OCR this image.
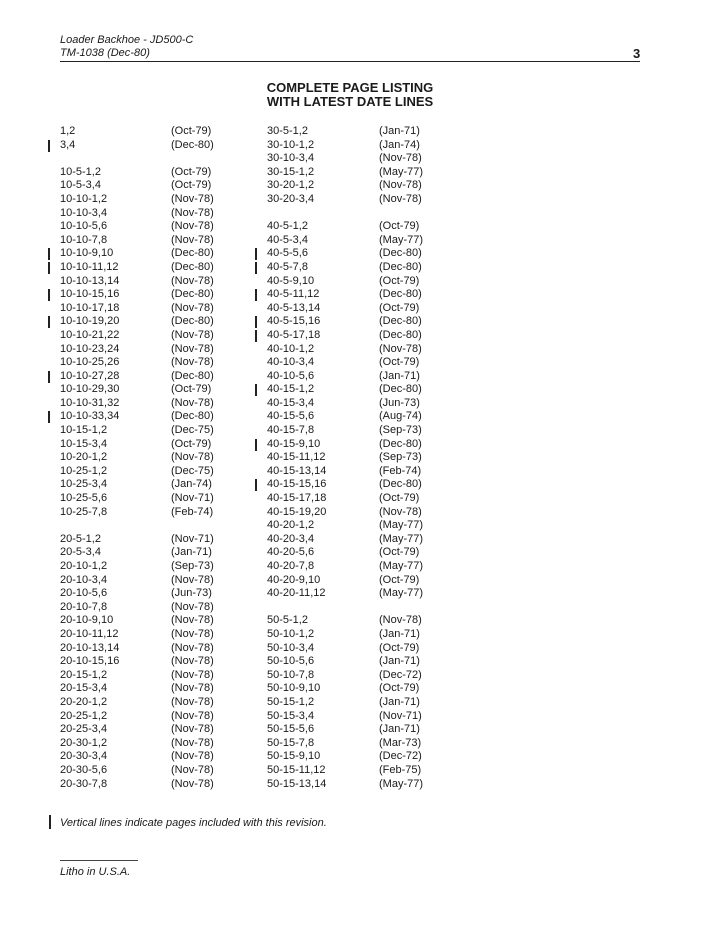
Loader Backhoe - JD500-C
TM-1038 (Dec-80)	3
COMPLETE PAGE LISTING
WITH LATEST DATE LINES
1,2
3,4
10-5-1,2
10-5-3,4
10-10-1,2
10-10-3,4
10-10-5,6
10-10-7,8
10-10-9,10
10-10-11,12
10-10-13,14
10-10-15,16
10-10-17,18
10-10-19,20
10-10-21,22
10-10-23,24
10-10-25,26
10-10-27,28
10-10-29,30
10-10-31,32
10-10-33,34
10-15-1,2
10-15-3,4
10-20-1,2
10-25-1,2
10-25-3,4
10-25-5,6
10-25-7,8
20-5-1,2
20-5-3,4
20-10-1,2
20-10-3,4
20-10-5,6
20-10-7,8
20-10-9,10
20-10-11,12
20-10-13,14
20-10-15,16
20-15-1,2
20-15-3,4
20-20-1,2
20-25-1,2
20-25-3,4
20-30-1,2
20-30-3,4
20-30-5,6
20-30-7,8
(Oct-79)
(Dec-80)
(Oct-79)
(Oct-79)
(Nov-78)
(Nov-78)
(Nov-78)
(Nov-78)
(Dec-80)
(Dec-80)
(Nov-78)
(Dec-80)
(Nov-78)
(Dec-80)
(Nov-78)
(Nov-78)
(Nov-78)
(Dec-80)
(Oct-79)
(Nov-78)
(Dec-80)
(Dec-75)
(Oct-79)
(Nov-78)
(Dec-75)
(Jan-74)
(Nov-71)
(Feb-74)
(Nov-71)
(Jan-71)
(Sep-73)
(Nov-78)
(Jun-73)
(Nov-78)
(Nov-78)
(Nov-78)
(Nov-78)
(Nov-78)
(Nov-78)
(Nov-78)
(Nov-78)
(Nov-78)
(Nov-78)
(Nov-78)
(Nov-78)
(Nov-78)
(Nov-78)
30-5-1,2
30-10-1,2
30-10-3,4
30-15-1,2
30-20-1,2
30-20-3,4
40-5-1,2
40-5-3,4
40-5-5,6
40-5-7,8
40-5-9,10
40-5-11,12
40-5-13,14
40-5-15,16
40-5-17,18
40-10-1,2
40-10-3,4
40-10-5,6
40-15-1,2
40-15-3,4
40-15-5,6
40-15-7,8
40-15-9,10
40-15-11,12
40-15-13,14
40-15-15,16
40-15-17,18
40-15-19,20
40-20-1,2
40-20-3,4
40-20-5,6
40-20-7,8
40-20-9,10
40-20-11,12
50-5-1,2
50-10-1,2
50-10-3,4
50-10-5,6
50-10-7,8
50-10-9,10
50-15-1,2
50-15-3,4
50-15-5,6
50-15-7,8
50-15-9,10
50-15-11,12
50-15-13,14
(Jan-71)
(Jan-74)
(Nov-78)
(May-77)
(Nov-78)
(Nov-78)
(Oct-79)
(May-77)
(Dec-80)
(Dec-80)
(Oct-79)
(Dec-80)
(Oct-79)
(Dec-80)
(Dec-80)
(Nov-78)
(Oct-79)
(Jan-71)
(Dec-80)
(Jun-73)
(Aug-74)
(Sep-73)
(Dec-80)
(Sep-73)
(Feb-74)
(Dec-80)
(Oct-79)
(Nov-78)
(May-77)
(May-77)
(Oct-79)
(May-77)
(Oct-79)
(May-77)
(Nov-78)
(Jan-71)
(Oct-79)
(Jan-71)
(Dec-72)
(Oct-79)
(Jan-71)
(Nov-71)
(Jan-71)
(Mar-73)
(Dec-72)
(Feb-75)
(May-77)
Vertical lines indicate pages included with this revision.
Litho in U.S.A.
